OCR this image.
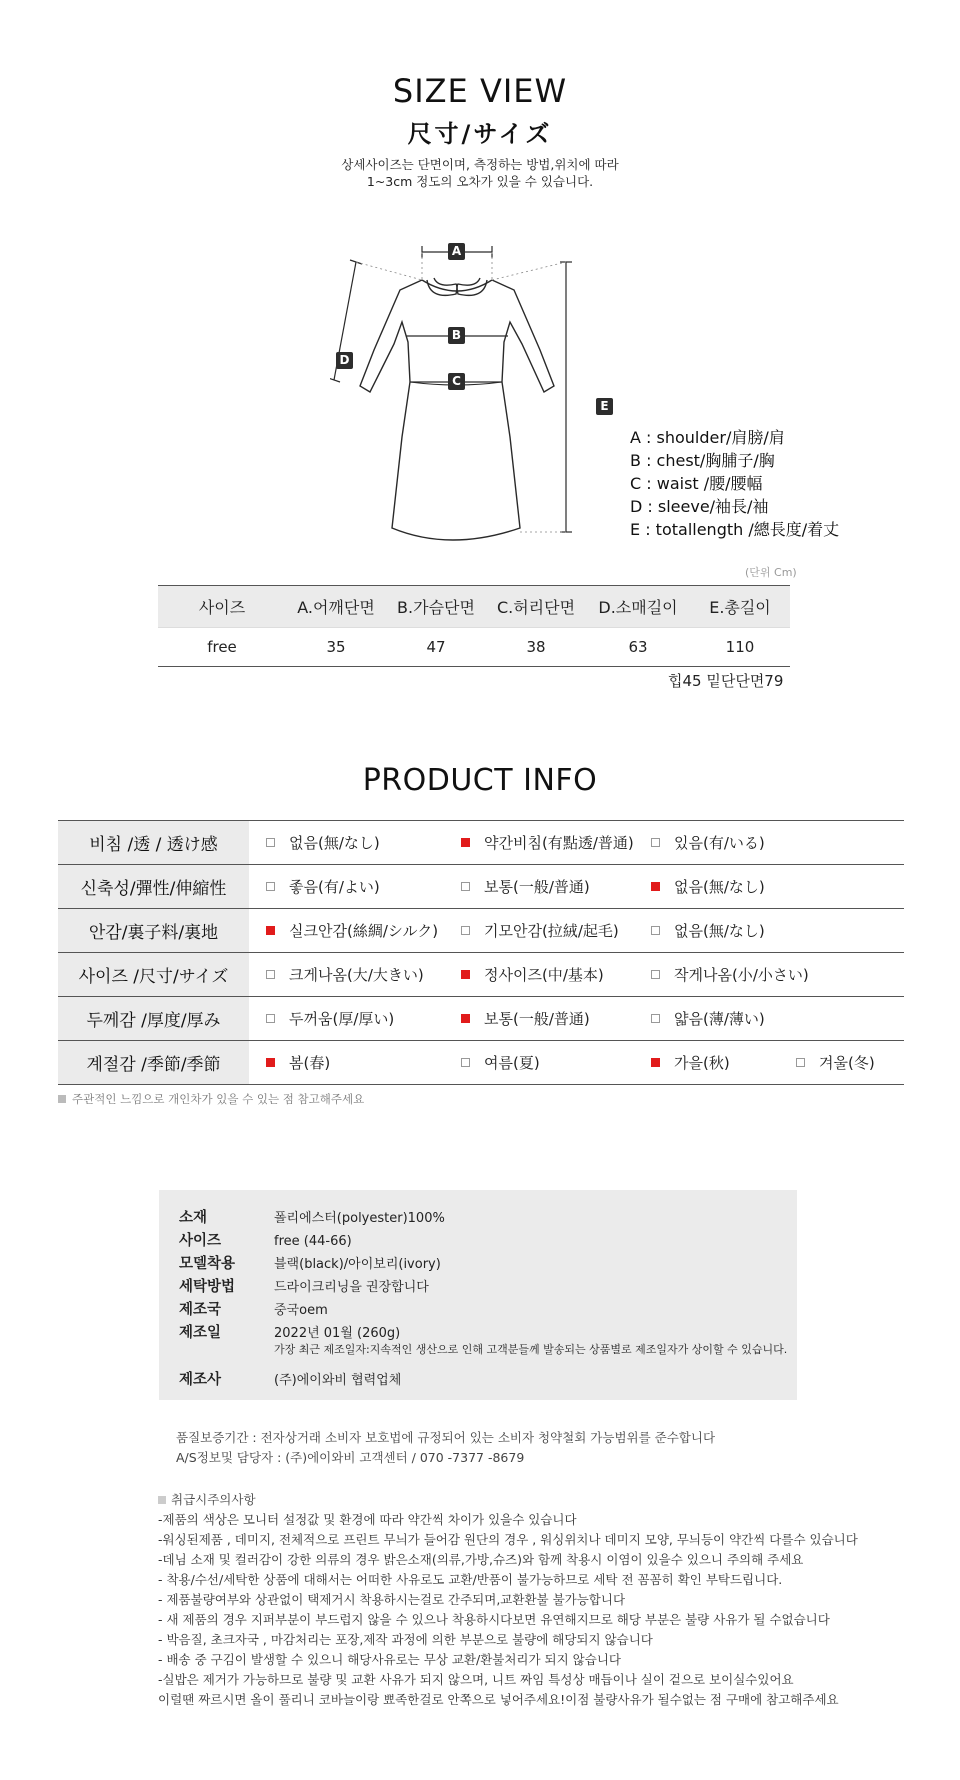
SIZE VIEW
尺寸/サイズ
상세사이즈는 단면이며, 측정하는 방법,위치에 따라
1~3cm 정도의 오차가 있을 수 있습니다.
A
B
C
D
E
A : shoulder/肩膀/肩
B : chest/胸脯子/胸
C : waist /腰/腰幅
D : sleeve/袖長/袖
E : totallength /總長度/着丈
(단위 Cm)
사이즈	A.어깨단면	B.가슴단면	C.허리단면	D.소매길이	E.총길이
free	35	47	38	63	110
힙45 밑단단면79
PRODUCT INFO
비침 /透 / 透け感	없음(無/なし)	약간비침(有點透/普通)	있음(有/いる)
신축성/彈性/伸縮性	좋음(有/よい)	보통(一般/普通)	없음(無/なし)
안감/裏子料/裏地	실크안감(絲綢/シルク)	기모안감(拉絨/起毛)	없음(無/なし)
사이즈 /尺寸/サイズ	크게나옴(大/大きい)	정사이즈(中/基本)	작게나옴(小/小さい)
두께감 /厚度/厚み	두꺼움(厚/厚い)	보통(一般/普通)	얇음(薄/薄い)
계절감 /季節/季節	봄(春)	여름(夏)	가을(秋)	겨울(冬)
주관적인 느낌으로 개인차가 있을 수 있는 점 참고해주세요
소재	폴리에스터(polyester)100%
사이즈	free (44-66)
모델착용	블랙(black)/아이보리(ivory)
세탁방법	드라이크리닝을 권장합니다
제조국	중국oem
제조일	2022년 01월 (260g)
가장 최근 제조일자:지속적인 생산으로 인해 고객분들께 발송되는 상품별로 제조일자가 상이할 수 있습니다.
제조사	(주)에이와비 협력업체
품질보증기간 : 전자상거래 소비자 보호법에 규정되어 있는 소비자 청약철회 가능범위를 준수합니다
A/S정보및 담당자 : (주)에이와비 고객센터 / 070 -7377 -8679
취급시주의사항
-제품의 색상은 모니터 설정값 및 환경에 따라 약간씩 차이가 있을수 있습니다
-워싱된제품 , 데미지, 전체적으로 프린트 무늬가 들어감 원단의 경우 , 워싱위치나 데미지 모양, 무늬등이 약간씩 다를수 있습니다
-데님 소재 및 컬러감이 강한 의류의 경우 밝은소재(의류,가방,슈즈)와 함께 착용시 이염이 있을수 있으니 주의해 주세요
- 착용/수선/세탁한 상품에 대해서는 어떠한 사유로도 교환/반품이 불가능하므로 세탁 전 꼼꼼히 확인 부탁드립니다.
- 제품불량여부와 상관없이 택제거시 착용하시는걸로 간주되며,교환환불 불가능합니다
- 새 제품의 경우 지퍼부분이 부드럽지 않을 수 있으나 착용하시다보면 유연해지므로 해당 부분은 불량 사유가 될 수없습니다
- 박음질, 초크자국 , 마감처리는 포장,제작 과정에 의한 부분으로 불량에 해당되지 않습니다
- 배송 중 구김이 발생할 수 있으니 해당사유로는 무상 교환/환불처리가 되지 않습니다
-실밥은 제거가 가능하므로 불량 및 교환 사유가 되지 않으며, 니트 짜임 특성상 매듭이나 실이 겉으로 보이실수있어요
이럴땐 짜르시면 올이 풀리니 코바늘이랑 뾰족한걸로 안쪽으로 넣어주세요!이점 불량사유가 될수없는 점 구매에 참고해주세요
